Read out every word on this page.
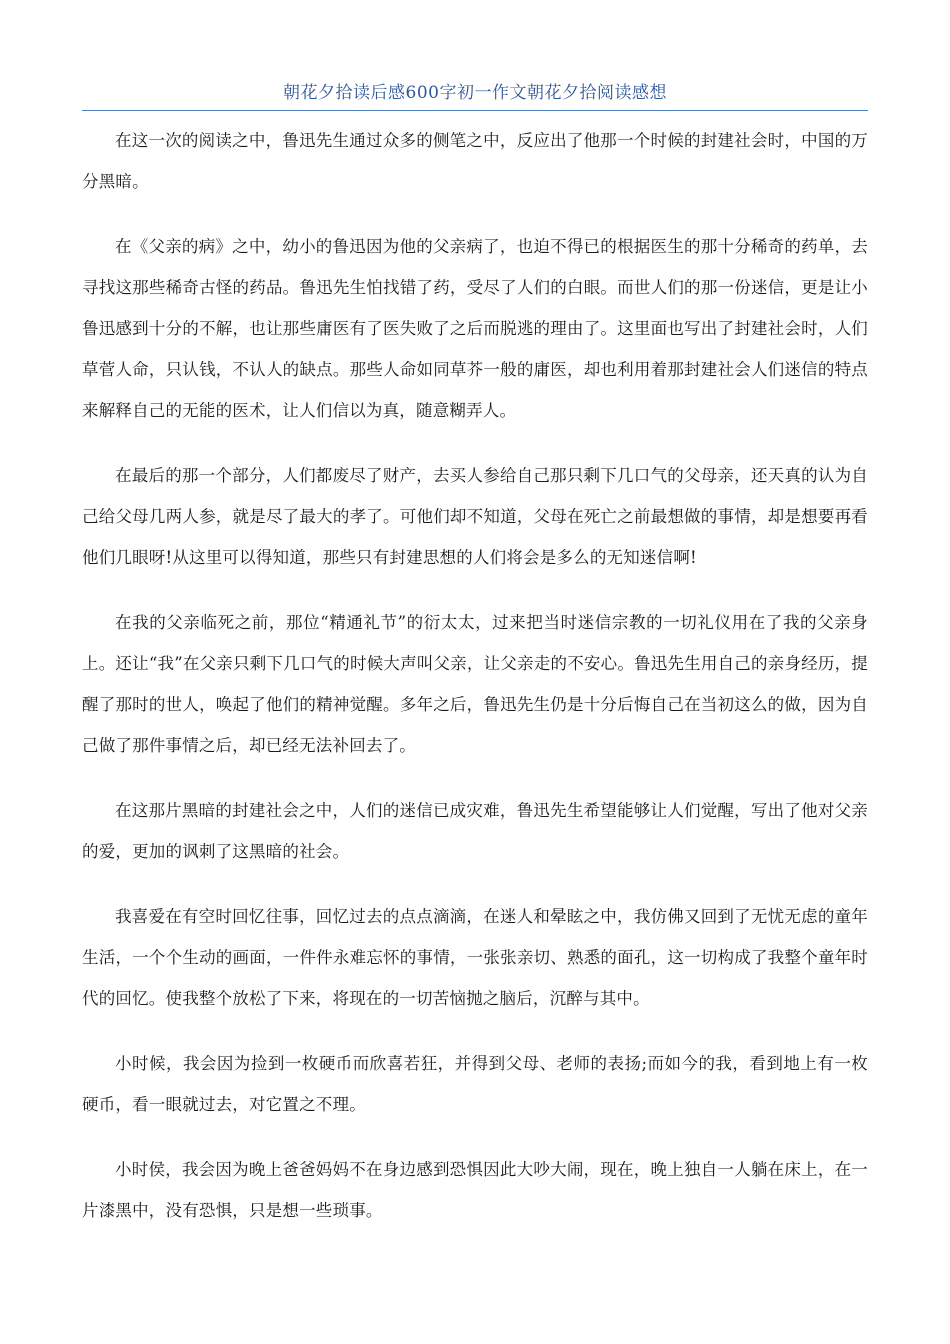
朝花夕拾读后感600字初一作文朝花夕拾阅读感想

在这一次的阅读之中，鲁迅先生通过众多的侧笔之中，反应出了他那一个时候的封建社会时，中国的万分黑暗。

在《父亲的病》之中，幼小的鲁迅因为他的父亲病了，也迫不得已的根据医生的那十分稀奇的药单，去寻找这那些稀奇古怪的药品。鲁迅先生怕找错了药，受尽了人们的白眼。而世人们的那一份迷信，更是让小鲁迅感到十分的不解，也让那些庸医有了医失败了之后而脱逃的理由了。这里面也写出了封建社会时，人们草菅人命，只认钱，不认人的缺点。那些人命如同草芥一般的庸医，却也利用着那封建社会人们迷信的特点来解释自己的无能的医术，让人们信以为真，随意糊弄人。

在最后的那一个部分，人们都废尽了财产，去买人参给自己那只剩下几口气的父母亲，还天真的认为自己给父母几两人参，就是尽了最大的孝了。可他们却不知道，父母在死亡之前最想做的事情，却是想要再看他们几眼呀!从这里可以得知道，那些只有封建思想的人们将会是多么的无知迷信啊!

在我的父亲临死之前，那位“精通礼节”的衍太太，过来把当时迷信宗教的一切礼仪用在了我的父亲身上。还让“我”在父亲只剩下几口气的时候大声叫父亲，让父亲走的不安心。鲁迅先生用自己的亲身经历，提醒了那时的世人，唤起了他们的精神觉醒。多年之后，鲁迅先生仍是十分后悔自己在当初这么的做，因为自己做了那件事情之后，却已经无法补回去了。

在这那片黑暗的封建社会之中，人们的迷信已成灾难，鲁迅先生希望能够让人们觉醒，写出了他对父亲的爱，更加的讽刺了这黑暗的社会。

我喜爱在有空时回忆往事，回忆过去的点点滴滴，在迷人和晕眩之中，我仿佛又回到了无忧无虑的童年生活，一个个生动的画面，一件件永难忘怀的事情，一张张亲切、熟悉的面孔，这一切构成了我整个童年时代的回忆。使我整个放松了下来，将现在的一切苦恼抛之脑后，沉醉与其中。

小时候，我会因为捡到一枚硬币而欣喜若狂，并得到父母、老师的表扬;而如今的我，看到地上有一枚硬币，看一眼就过去，对它置之不理。

小时侯，我会因为晚上爸爸妈妈不在身边感到恐惧因此大吵大闹，现在，晚上独自一人躺在床上，在一片漆黑中，没有恐惧，只是想一些琐事。
